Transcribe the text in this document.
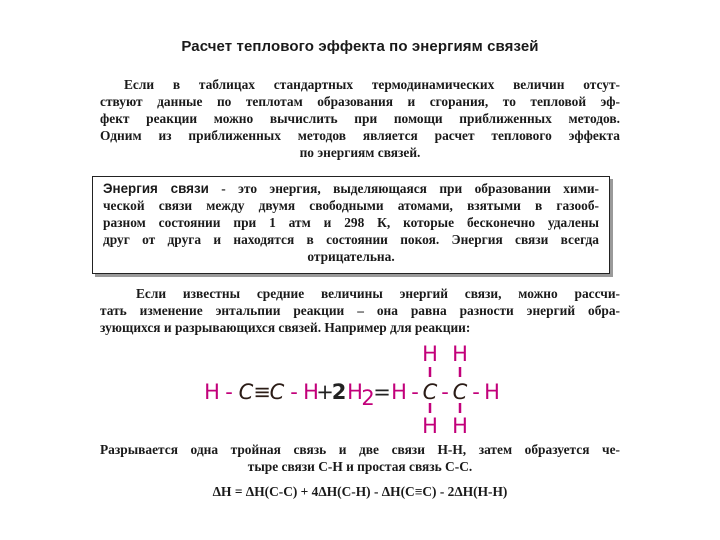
Расчет теплового эффекта по энергиям связей
Если в таблицах стандартных термодинамических величин отсут-
ствуют данные по теплотам образования и сгорания, то тепловой эф-
фект реакции можно вычислить при помощи приближенных методов.
Одним из приближенных методов является расчет теплового эффекта
по энергиям связей.
Энергия связи - это энергия, выделяющаяся при образовании хими-
ческой связи между двумя свободными атомами, взятыми в газооб-
разном состоянии при 1 атм и 298 К, которые бесконечно удалены
друг от друга и находятся в состоянии покоя. Энергия связи всегда
отрицательна.
Если известны средние величины энергий связи, можно рассчи-
тать изменение энтальпии реакции – она равна разности энергий обра-
зующихся и разрывающихся связей. Например для реакции:
H H
H - C ≡
C - H
+
2 H
2
= H - C - C - H
H H
Разрывается одна тройная связь и две связи Н-Н, затем образуется че-
тыре связи С-Н и простая связь С-С.
ΔН = ΔН(С-С) + 4ΔН(С-Н) - ΔН(С≡С) - 2ΔН(Н-Н)
